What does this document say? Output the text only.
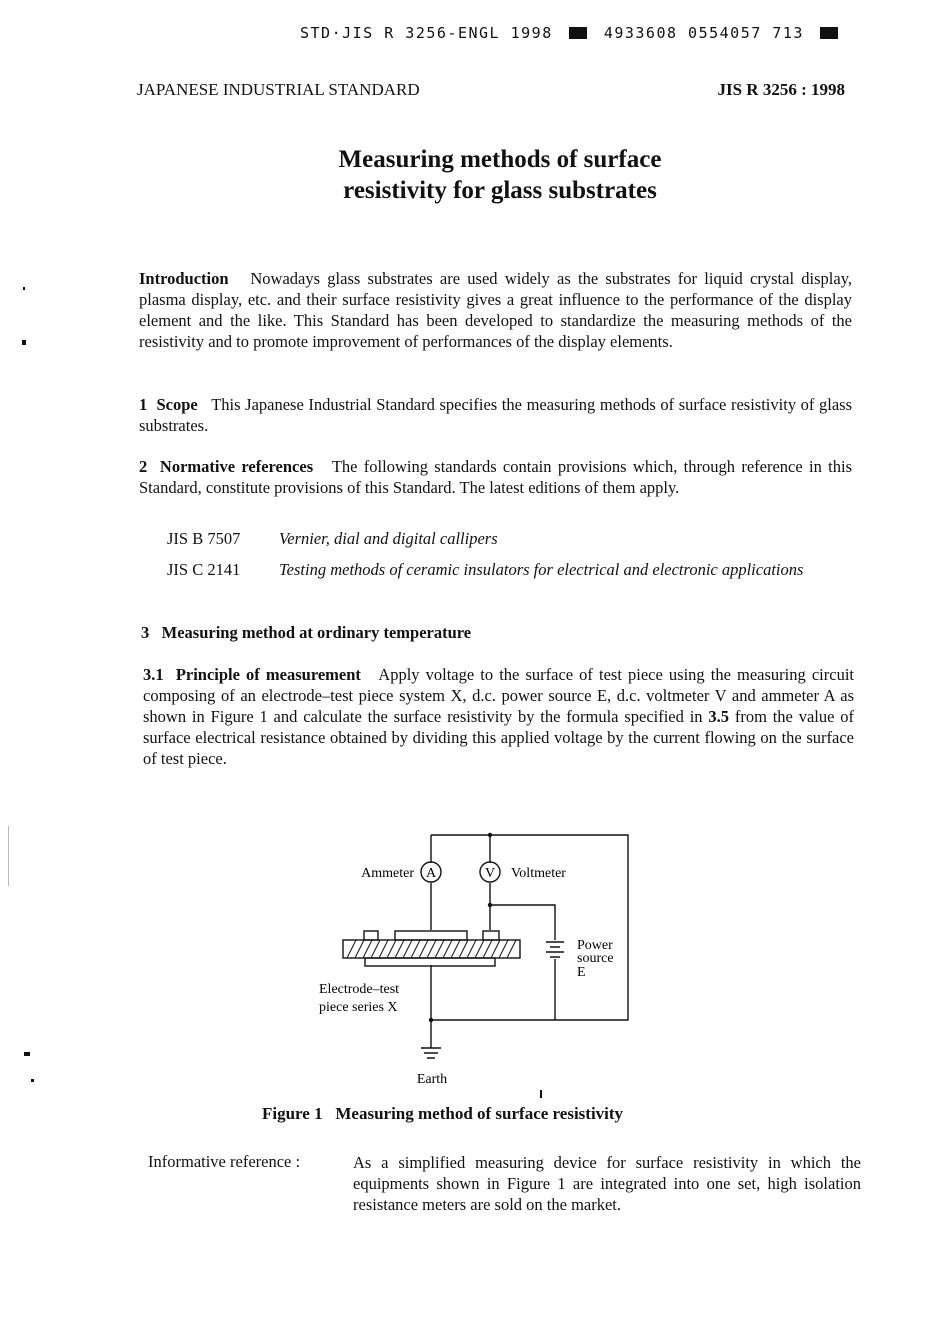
STD·JIS R 3256-ENGL 1998	4933608 0554057 713
JAPANESE INDUSTRIAL STANDARD	JIS R 3256 : 1998
Measuring methods of surface
resistivity for glass substrates
Introduction Nowadays glass substrates are used widely as the substrates for liquid crystal display, plasma display, etc. and their surface resistivity gives a great influence to the performance of the display element and the like. This Standard has been developed to standardize the measuring methods of the resistivity and to promote improvement of performances of the display elements.
1 Scope This Japanese Industrial Standard specifies the measuring methods of surface resistivity of glass substrates.
2 Normative references The following standards contain provisions which, through reference in this Standard, constitute provisions of this Standard. The latest editions of them apply.
JIS B 7507 Vernier, dial and digital callipers
JIS C 2141 Testing methods of ceramic insulators for electrical and electronic applications
3 Measuring method at ordinary temperature
3.1 Principle of measurement Apply voltage to the surface of test piece using the measuring circuit composing of an electrode–test piece system X, d.c. power source E, d.c. voltmeter V and ammeter A as shown in Figure 1 and calculate the surface resistivity by the formula specified in 3.5 from the value of surface electrical resistance obtained by dividing this applied voltage by the current flowing on the surface of test piece.
A	V
Ammeter	Voltmeter
Power
source
E
Electrode–test
piece series X
Earth
Figure 1 Measuring method of surface resistivity
Informative reference :	As a simplified measuring device for surface resistivity in which the equipments shown in Figure 1 are integrated into one set, high isolation resistance meters are sold on the market.
